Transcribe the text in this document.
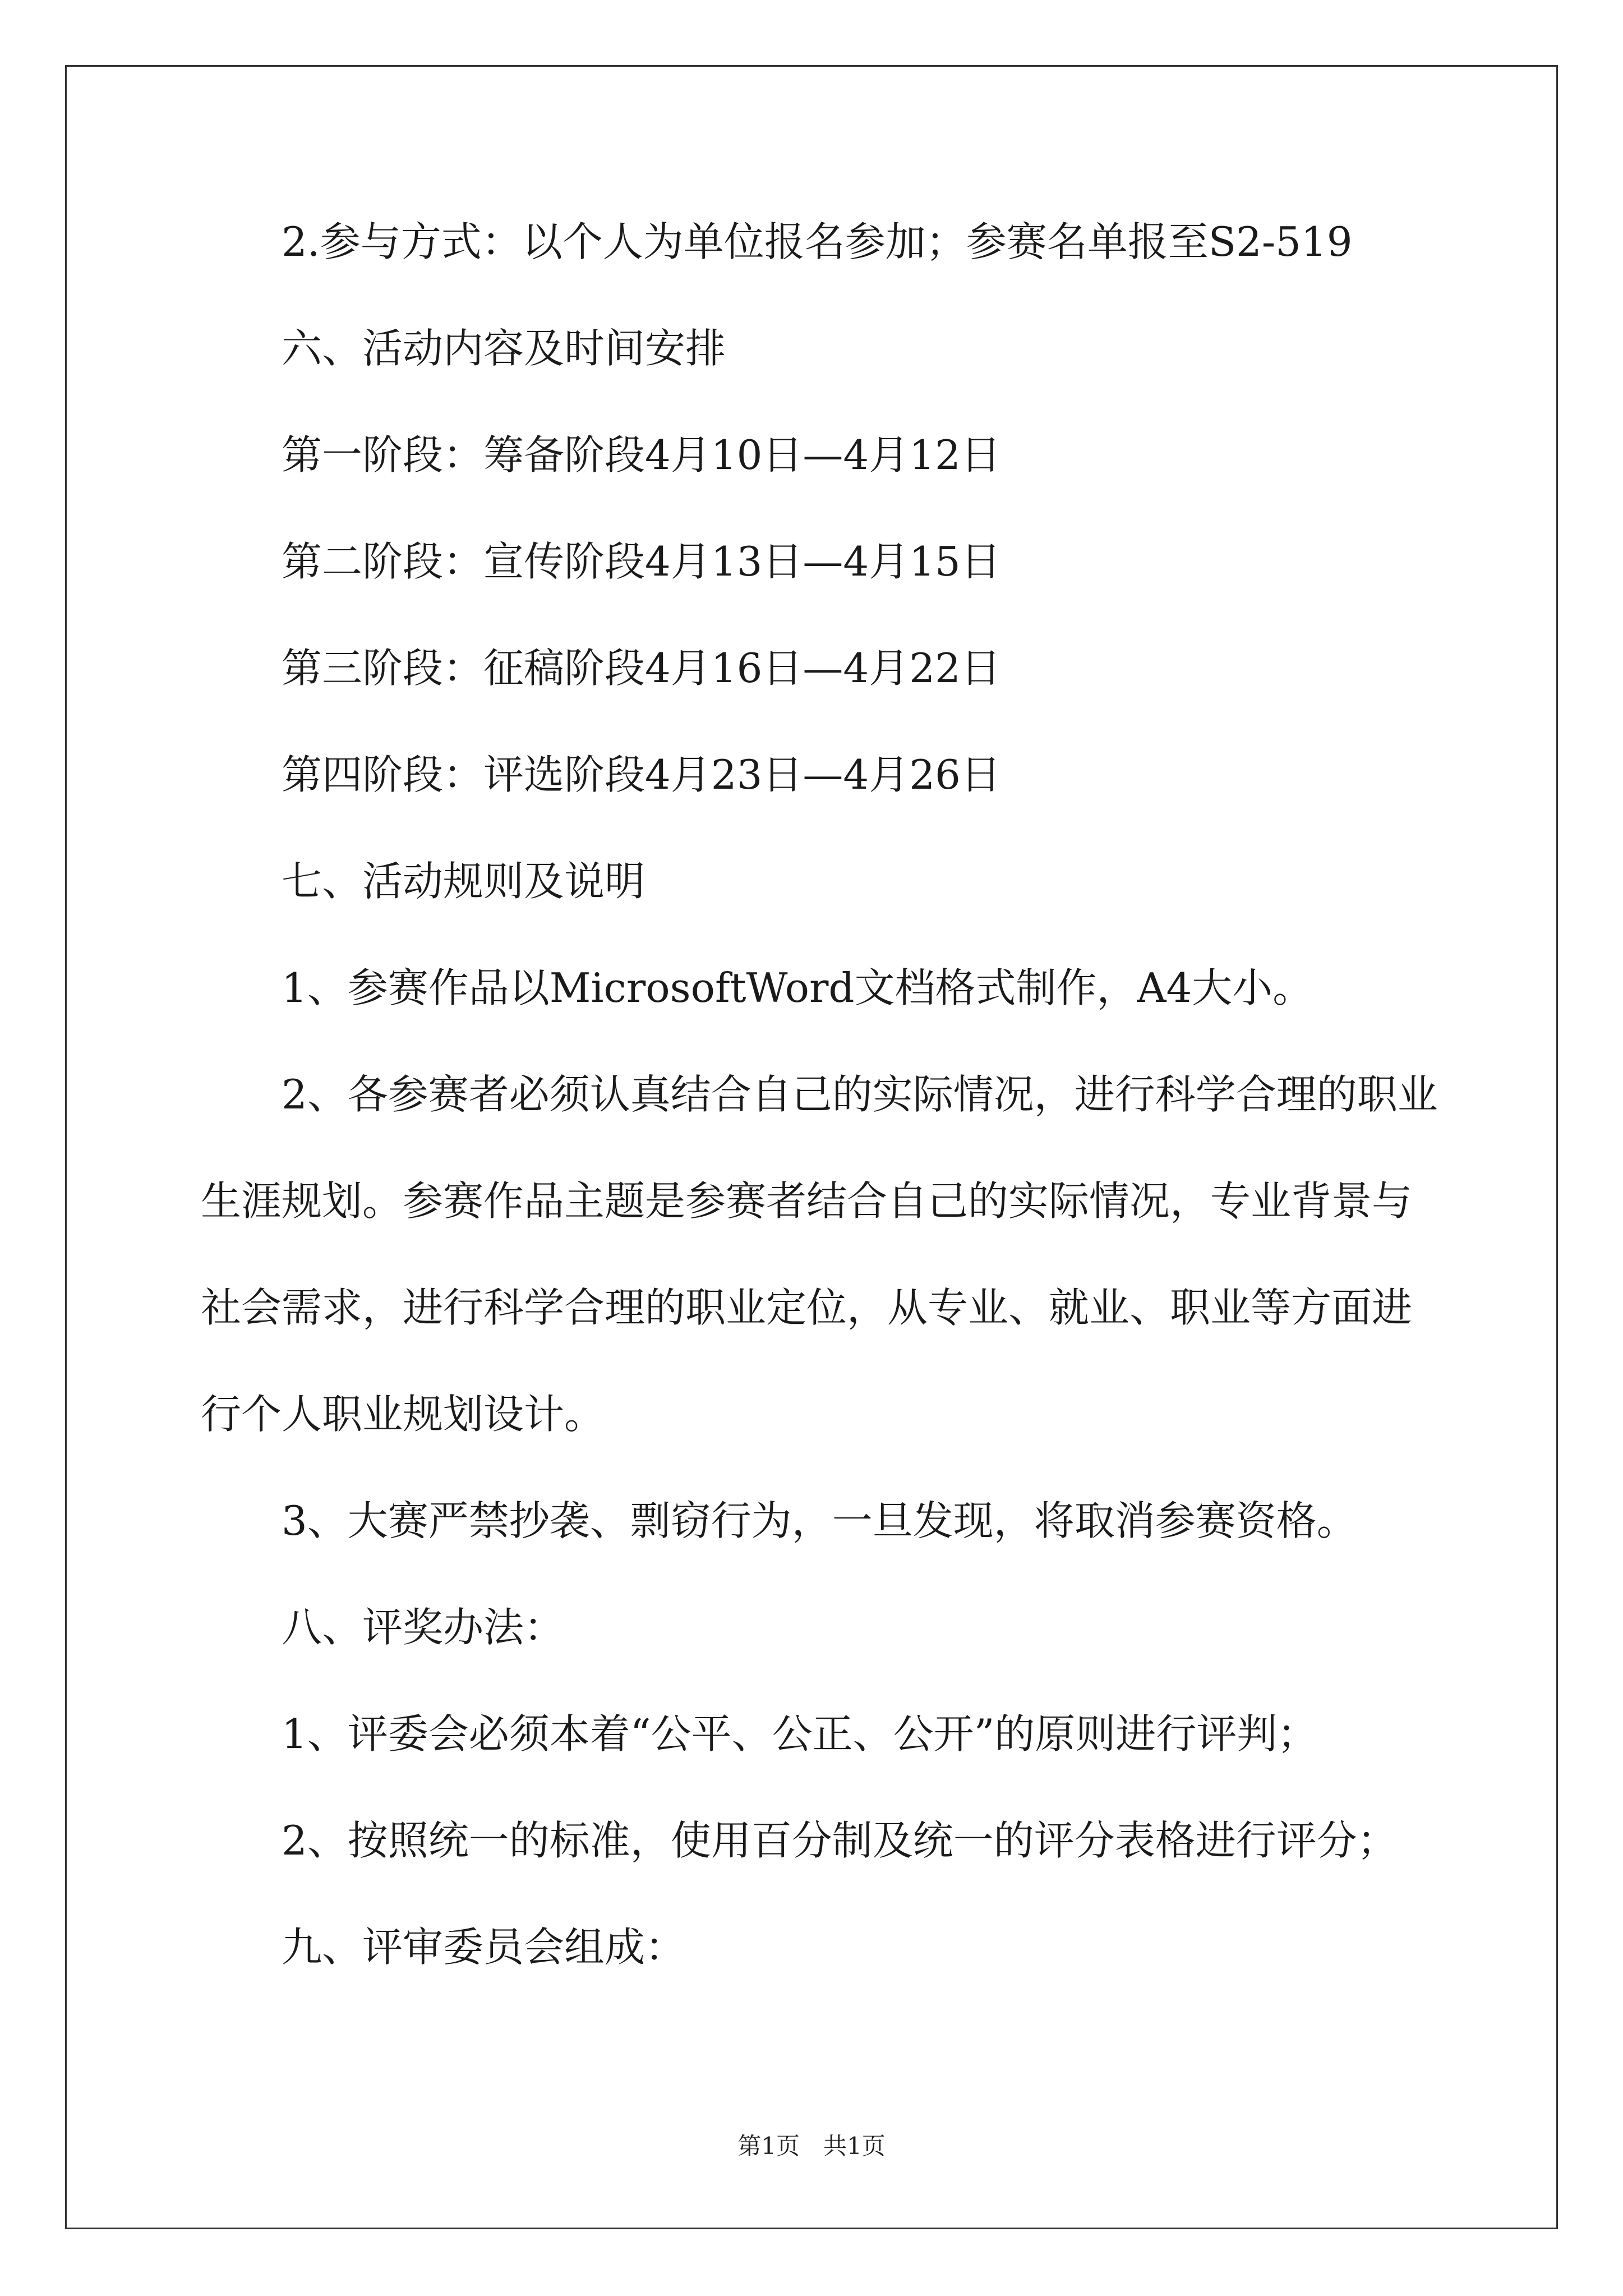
2.参与方式：以个人为单位报名参加；参赛名单报至S2-519
六、活动内容及时间安排
第一阶段：筹备阶段4月10日—4月12日
第二阶段：宣传阶段4月13日—4月15日
第三阶段：征稿阶段4月16日—4月22日
第四阶段：评选阶段4月23日—4月26日
七、活动规则及说明
1、参赛作品以MicrosoftWord文档格式制作，A4大小。
2、各参赛者必须认真结合自己的实际情况，进行科学合理的职业
生涯规划。参赛作品主题是参赛者结合自己的实际情况，专业背景与
社会需求，进行科学合理的职业定位，从专业、就业、职业等方面进
行个人职业规划设计。
3、大赛严禁抄袭、剽窃行为，一旦发现，将取消参赛资格。
八、评奖办法：
1、评委会必须本着“公平、公正、公开”的原则进行评判；
2、按照统一的标准，使用百分制及统一的评分表格进行评分；
九、评审委员会组成：
第1页　共1页
